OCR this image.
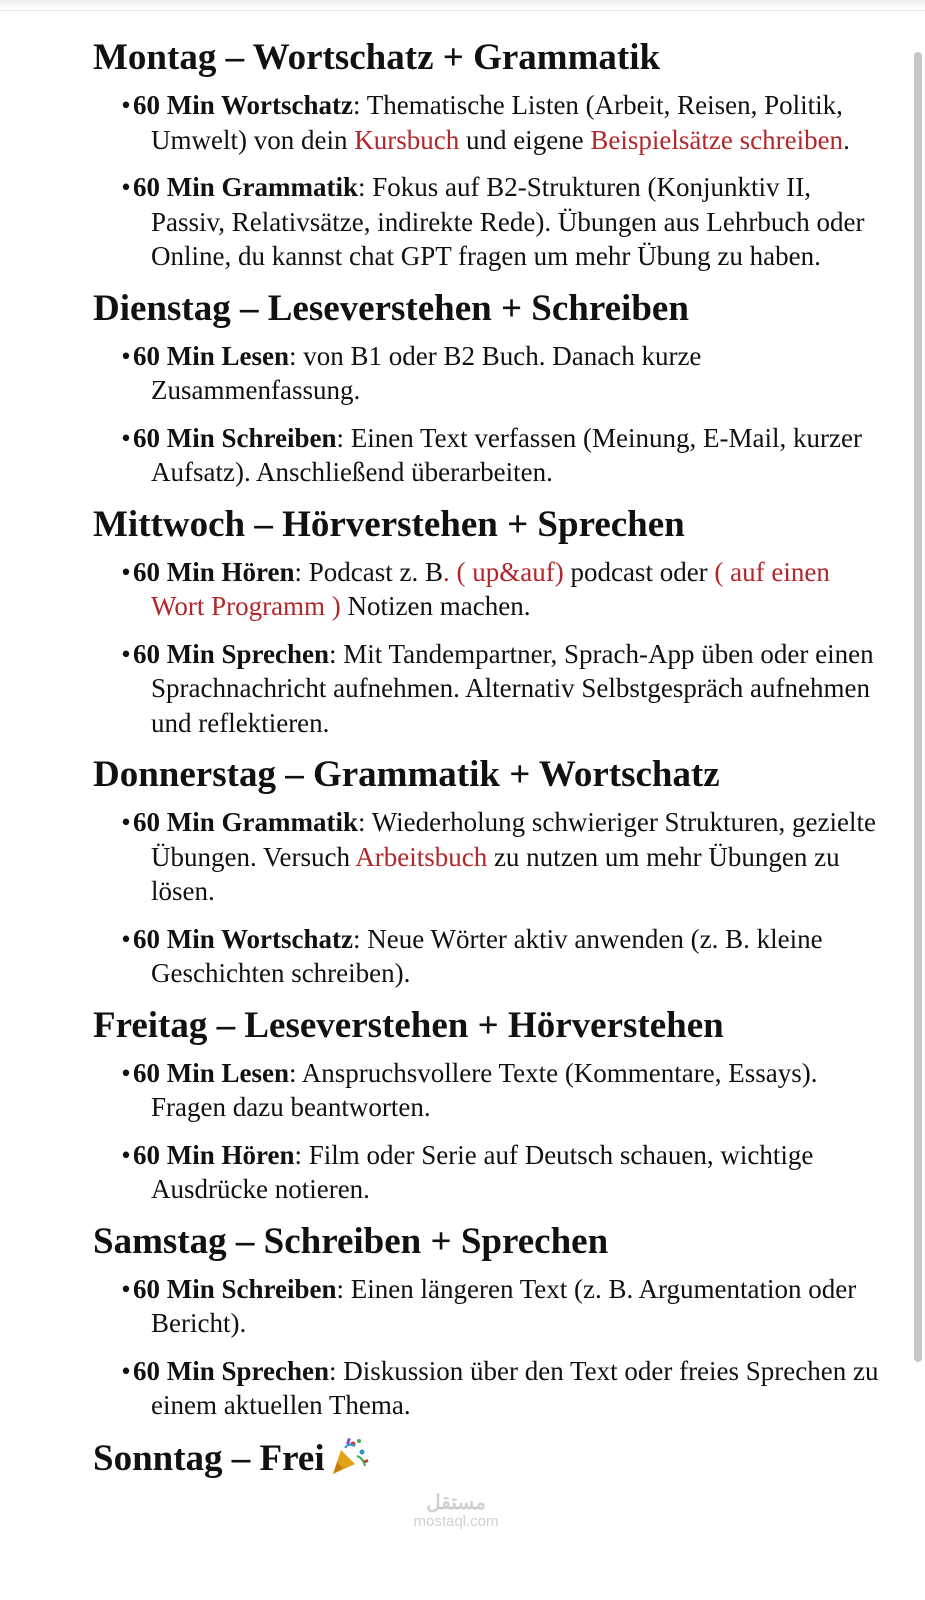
Montag – Wortschatz + Grammatik
• 60 Min Wortschatz: Thematische Listen (Arbeit, Reisen, Politik, Umwelt) von dein Kursbuch und eigene Beispielsätze schreiben.
• 60 Min Grammatik: Fokus auf B2-Strukturen (Konjunktiv II, Passiv, Relativsätze, indirekte Rede). Übungen aus Lehrbuch oder Online, du kannst chat GPT fragen um mehr Übung zu haben.
Dienstag – Leseverstehen + Schreiben
• 60 Min Lesen: von B1 oder B2 Buch. Danach kurze Zusammenfassung.
• 60 Min Schreiben: Einen Text verfassen (Meinung, E-Mail, kurzer Aufsatz). Anschließend überarbeiten.
Mittwoch – Hörverstehen + Sprechen
• 60 Min Hören: Podcast z. B. ( up&auf) podcast oder ( auf einen Wort Programm ) Notizen machen.
• 60 Min Sprechen: Mit Tandempartner, Sprach-App üben oder einen Sprachnachricht aufnehmen. Alternativ Selbstgespräch aufnehmen und reflektieren.
Donnerstag – Grammatik + Wortschatz
• 60 Min Grammatik: Wiederholung schwieriger Strukturen, gezielte Übungen. Versuch Arbeitsbuch zu nutzen um mehr Übungen zu lösen.
• 60 Min Wortschatz: Neue Wörter aktiv anwenden (z. B. kleine Geschichten schreiben).
Freitag – Leseverstehen + Hörverstehen
• 60 Min Lesen: Anspruchsvollere Texte (Kommentare, Essays). Fragen dazu beantworten.
• 60 Min Hören: Film oder Serie auf Deutsch schauen, wichtige Ausdrücke notieren.
Samstag – Schreiben + Sprechen
• 60 Min Schreiben: Einen längeren Text (z. B. Argumentation oder Bericht).
• 60 Min Sprechen: Diskussion über den Text oder freies Sprechen zu einem aktuellen Thema.
Sonntag – Frei
مستقل
mostaql.com
